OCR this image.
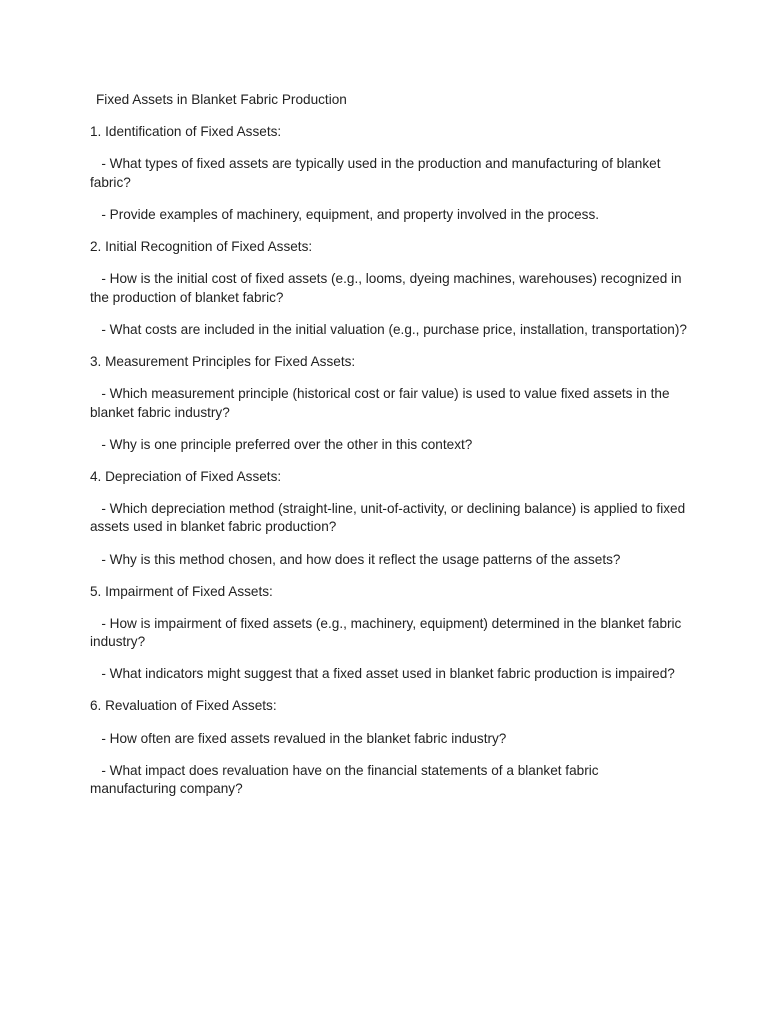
Fixed Assets in Blanket Fabric Production

1. Identification of Fixed Assets:

- What types of fixed assets are typically used in the production and manufacturing of blanket fabric?

- Provide examples of machinery, equipment, and property involved in the process.

2. Initial Recognition of Fixed Assets:

- How is the initial cost of fixed assets (e.g., looms, dyeing machines, warehouses) recognized in the production of blanket fabric?

- What costs are included in the initial valuation (e.g., purchase price, installation, transportation)?

3. Measurement Principles for Fixed Assets:

- Which measurement principle (historical cost or fair value) is used to value fixed assets in the blanket fabric industry?

- Why is one principle preferred over the other in this context?

4. Depreciation of Fixed Assets:

- Which depreciation method (straight-line, unit-of-activity, or declining balance) is applied to fixed assets used in blanket fabric production?

- Why is this method chosen, and how does it reflect the usage patterns of the assets?

5. Impairment of Fixed Assets:

- How is impairment of fixed assets (e.g., machinery, equipment) determined in the blanket fabric industry?

- What indicators might suggest that a fixed asset used in blanket fabric production is impaired?

6. Revaluation of Fixed Assets:

- How often are fixed assets revalued in the blanket fabric industry?

- What impact does revaluation have on the financial statements of a blanket fabric manufacturing company?
